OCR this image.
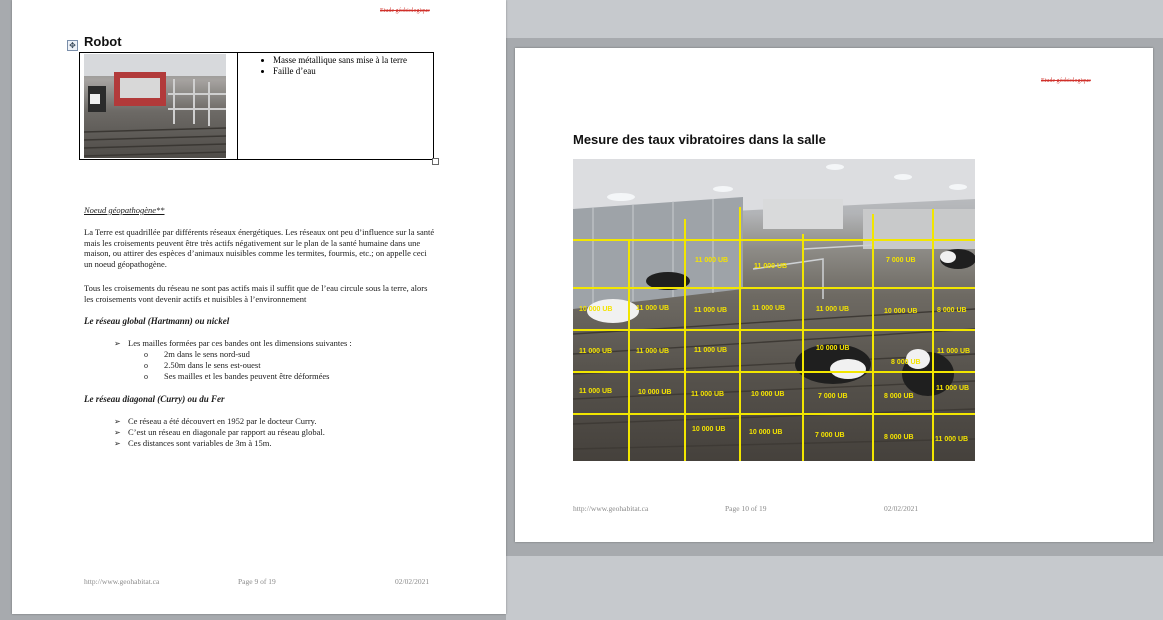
Etude géobiologique
✥ Robot
• Masse métallique sans mise à la terre
• Faille d’eau
Noeud géopathogène**
La Terre est quadrillée par différents réseaux énergétiques. Les réseaux ont peu d’influence sur la santé mais les croisements peuvent être très actifs négativement sur le plan de la santé humaine dans une maison, ou attirer des espèces d’animaux nuisibles comme les termites, fourmis, etc.; on appelle ceci un noeud géopathogène.
Tous les croisements du réseau ne sont pas actifs mais il suffit que de l’eau circule sous la terre, alors les croisements vont devenir actifs et nuisibles à l’environnement
Le réseau global (Hartmann) ou nickel
➢ Les mailles formées par ces bandes ont les dimensions suivantes :
o 2m dans le sens nord-sud
o 2.50m dans le sens est-ouest
o Ses mailles et les bandes peuvent être déformées
Le réseau diagonal (Curry) ou du Fer
➢ Ce réseau a été découvert en 1952 par le docteur Curry.
➢ C’est un réseau en diagonale par rapport au réseau global.
➢ Ces distances sont variables de 3m à 15m.
http://www.geohabitat.ca	Page 9 of 19	02/02/2021
Etude géobiologique
Mesure des taux vibratoires dans la salle
11 000 UB
11 000 UB
7 000 UB
10 000 UB	11 000 UB	11 000 UB	11 000 UB	11 000 UB	10 000 UB	8 000 UB
11 000 UB	11 000 UB	11 000 UB	10 000 UB	11 000 UB
8 000 UB
11 000 UB
11 000 UB	10 000 UB	11 000 UB	10 000 UB	7 000 UB	8 000 UB
10 000 UB	10 000 UB	7 000 UB	8 000 UB	11 000 UB
http://www.geohabitat.ca	Page 10 of 19	02/02/2021
